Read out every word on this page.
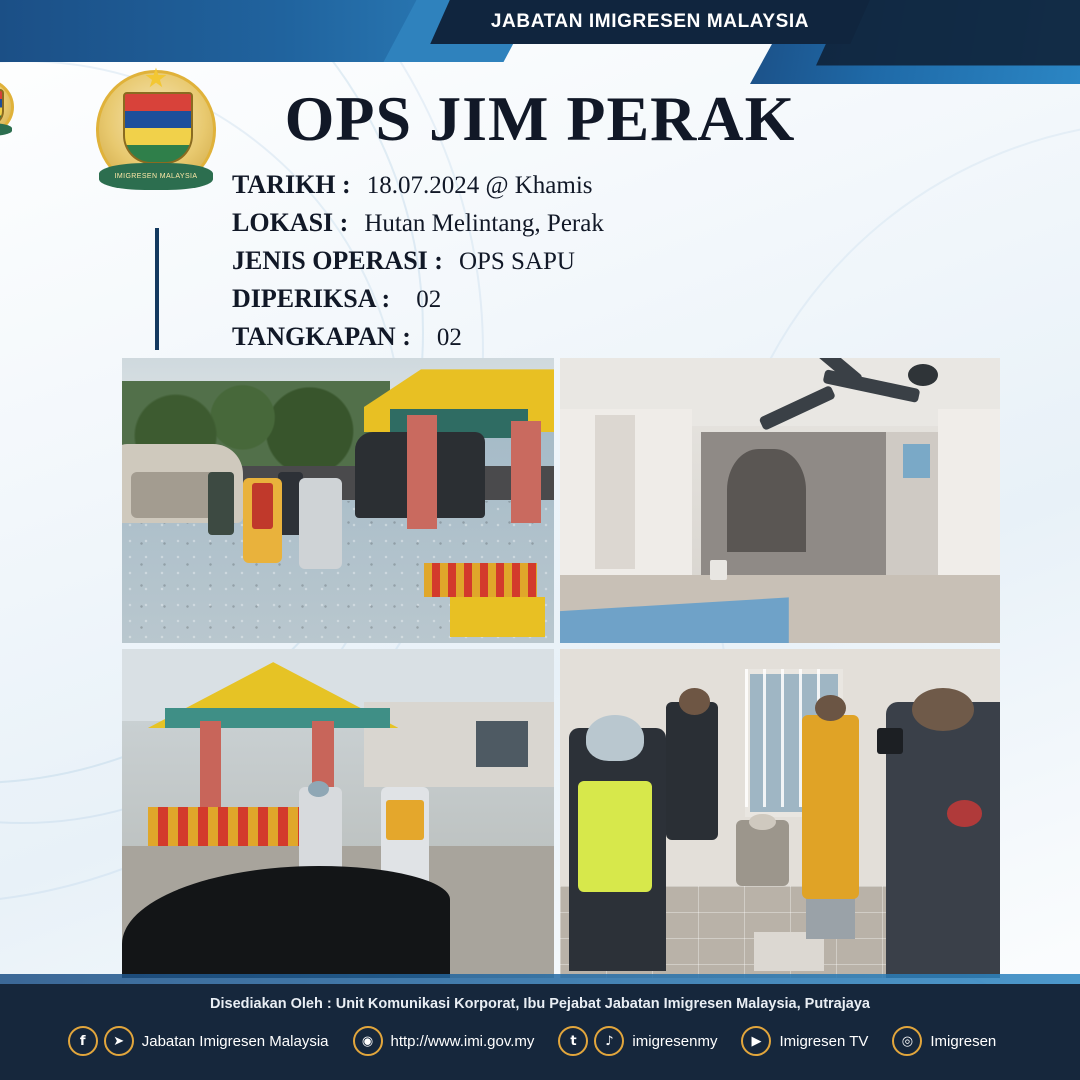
JABATAN IMIGRESEN MALAYSIA
IMIGRESEN MALAYSIA
OPS JIM PERAK
TARIKH : 18.07.2024 @ Khamis
LOKASI : Hutan Melintang, Perak
JENIS OPERASI : OPS SAPU
DIPERIKSA : 02
TANGKAPAN : 02
Disediakan Oleh : Unit Komunikasi Korporat, Ibu Pejabat Jabatan Imigresen Malaysia, Putrajaya
f	➤	Jabatan Imigresen Malaysia	◉	http://www.imi.gov.my	t	♪	imigresenmy	▶	Imigresen TV	◎	Imigresen
